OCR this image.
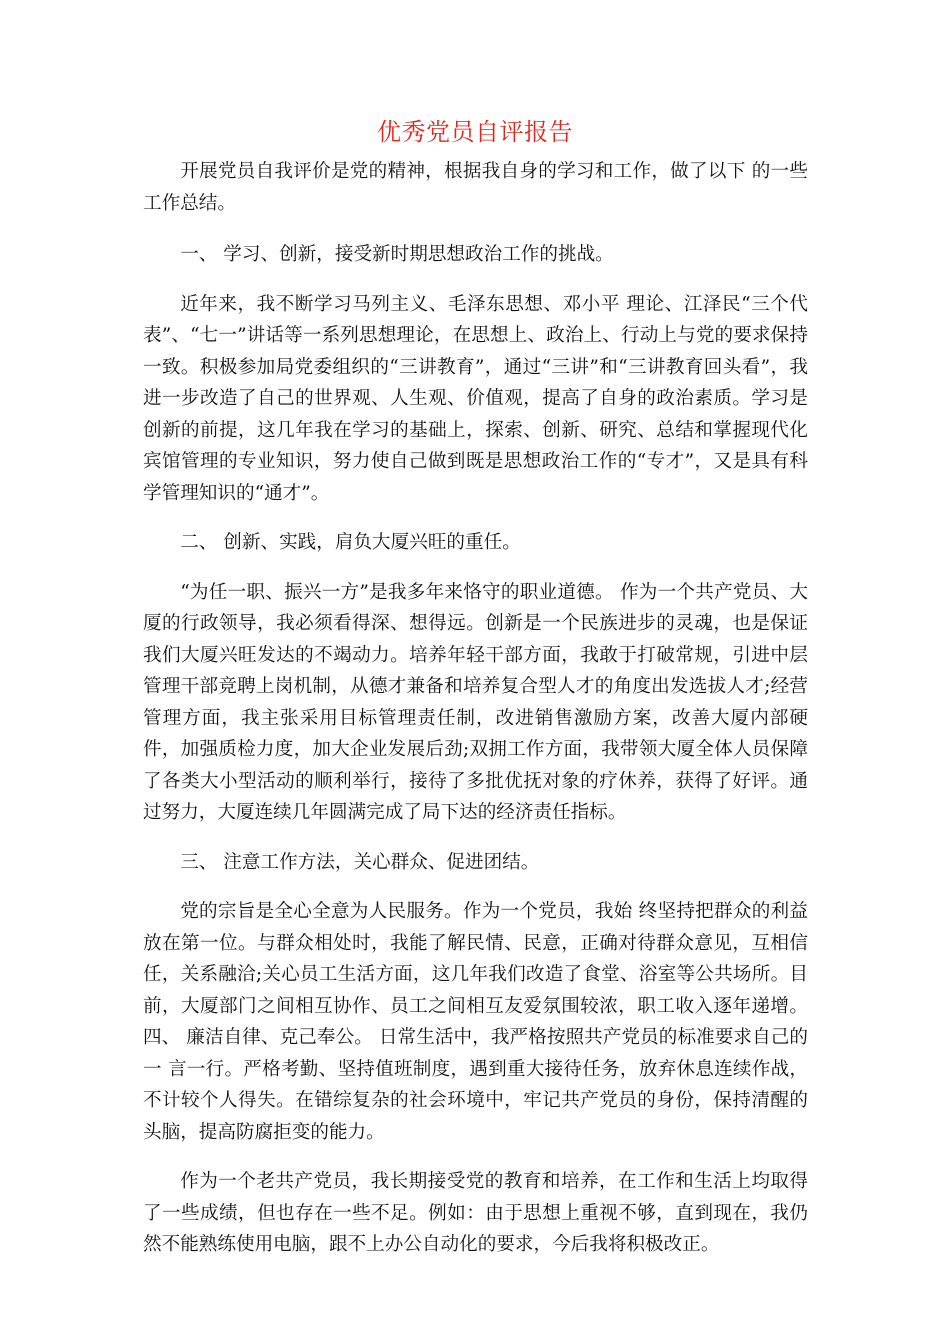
优秀党员自评报告

开展党员自我评价是党的精神，根据我自身的学习和工作，做了以下 的一些工作总结。

一、 学习、创新，接受新时期思想政治工作的挑战。

近年来，我不断学习马列主义、毛泽东思想、邓小平 理论、江泽民“三个代表”、“七一”讲话等一系列思想理论，在思想上、政治上、行动上与党的要求保持一致。积极参加局党委组织的“三讲教育”，通过“三讲”和“三讲教育回头看”，我进一步改造了自己的世界观、人生观、价值观，提高了自身的政治素质。学习是创新的前提，这几年我在学习的基础上，探索、创新、研究、总结和掌握现代化宾馆管理的专业知识，努力使自己做到既是思想政治工作的“专才”，又是具有科学管理知识的“通才”。

二、 创新、实践，肩负大厦兴旺的重任。

“为任一职、振兴一方”是我多年来恪守的职业道德。 作为一个共产党员、大厦的行政领导，我必须看得深、想得远。创新是一个民族进步的灵魂，也是保证我们大厦兴旺发达的不竭动力。培养年轻干部方面，我敢于打破常规，引进中层管理干部竞聘上岗机制，从德才兼备和培养复合型人才的角度出发选拔人才;经营管理方面，我主张采用目标管理责任制，改进销售激励方案，改善大厦内部硬件，加强质检力度，加大企业发展后劲;双拥工作方面，我带领大厦全体人员保障了各类大小型活动的顺利举行，接待了多批优抚对象的疗休养，获得了好评。通过努力，大厦连续几年圆满完成了局下达的经济责任指标。

三、 注意工作方法，关心群众、促进团结。

党的宗旨是全心全意为人民服务。作为一个党员，我始 终坚持把群众的利益放在第一位。与群众相处时，我能了解民情、民意，正确对待群众意见，互相信任，关系融洽;关心员工生活方面，这几年我们改造了食堂、浴室等公共场所。目前，大厦部门之间相互协作、员工之间相互友爱氛围较浓，职工收入逐年递增。 四、 廉洁自律、克己奉公。 日常生活中，我严格按照共产党员的标准要求自己的一 言一行。严格考勤、坚持值班制度，遇到重大接待任务，放弃休息连续作战，不计较个人得失。在错综复杂的社会环境中，牢记共产党员的身份，保持清醒的头脑，提高防腐拒变的能力。

作为一个老共产党员，我长期接受党的教育和培养，在工作和生活上均取得了一些成绩，但也存在一些不足。例如：由于思想上重视不够，直到现在，我仍然不能熟练使用电脑，跟不上办公自动化的要求，今后我将积极改正。
